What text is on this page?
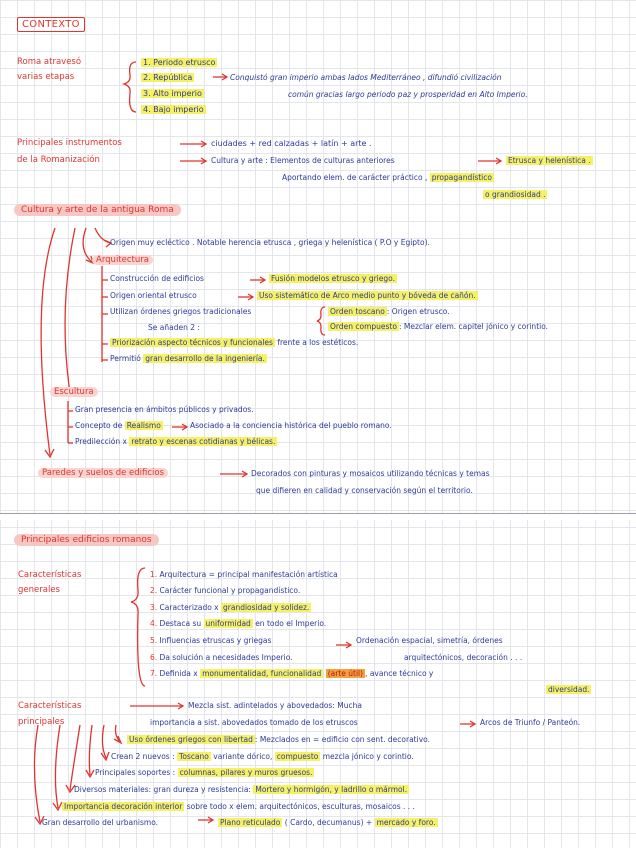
CONTEXTO
Roma atravesó
varias etapas
1. Periodo etrusco
2. República
3. Alto imperio
4. Bajo imperio
Conquistó gran imperio ambas lados Mediterráneo , difundió civilización
común gracias largo periodo paz y prosperidad en Alto Imperio.
Principales instrumentos
de la Romanización
ciudades + red calzadas + latín + arte .
Cultura y arte : Elementos de culturas anteriores	Etrusca y helenística .
Aportando elem. de carácter práctico , propagandístico
o grandiosidad .
Cultura y arte de la antigua Roma
Origen muy ecléctico . Notable herencia etrusca , griega y helenística ( P.O y Egipto).
Arquitectura
Construcción de edificios	Fusión modelos etrusco y griego.
Origen oriental etrusco	Uso sistemático de Arco medio punto y bóveda de cañón.
Utilizan órdenes griegos tradicionales
Se añaden 2 :
Orden toscano : Origen etrusco.
Orden compuesto : Mezclar elem. capitel jónico y corintio.
Priorización aspecto técnicos y funcionales frente a los estéticos.
Permitió gran desarrollo de la ingeniería.
Escultura
Gran presencia en ámbitos públicos y privados.
Concepto de Realismo	Asociado a la conciencia histórica del pueblo romano.
Predilección x retrato y escenas cotidianas y bélicas.
Paredes y suelos de edificios	Decorados con pinturas y mosaicos utilizando técnicas y temas
que difieren en calidad y conservación según el territorio.
Principales edificios romanos
Características
generales
1. Arquitectura = principal manifestación artística
2. Carácter funcional y propagandístico.
3. Caracterizado x grandiosidad y solidez.
4. Destaca su uniformidad en todo el Imperio.
5. Influencias etruscas y griegas	Ordenación espacial, simetría, órdenes
6. Da solución a necesidades Imperio.	arquitectónicos, decoración . . .
7. Definida x monumentalidad, funcionalidad (arte útil) , avance técnico y
diversidad.
Características
principales
Mezcla sist. adintelados y abovedados: Mucha
importancia a sist. abovedados tomado de los etruscos	Arcos de Triunfo / Panteón.
Uso órdenes griegos con libertad : Mezclados en = edificio con sent. decorativo.
Crean 2 nuevos : Toscano variante dórico, compuesto mezcla jónico y corintio.
Principales soportes : columnas, pilares y muros gruesos.
Diversos materiales: gran dureza y resistencia: Mortero y hormigón, y ladrillo o mármol.
Importancia decoración interior sobre todo x elem. arquitectónicos, esculturas, mosaicos . . .
Gran desarrollo del urbanismo.	Plano reticulado ( Cardo, decumanus) + mercado y foro.
